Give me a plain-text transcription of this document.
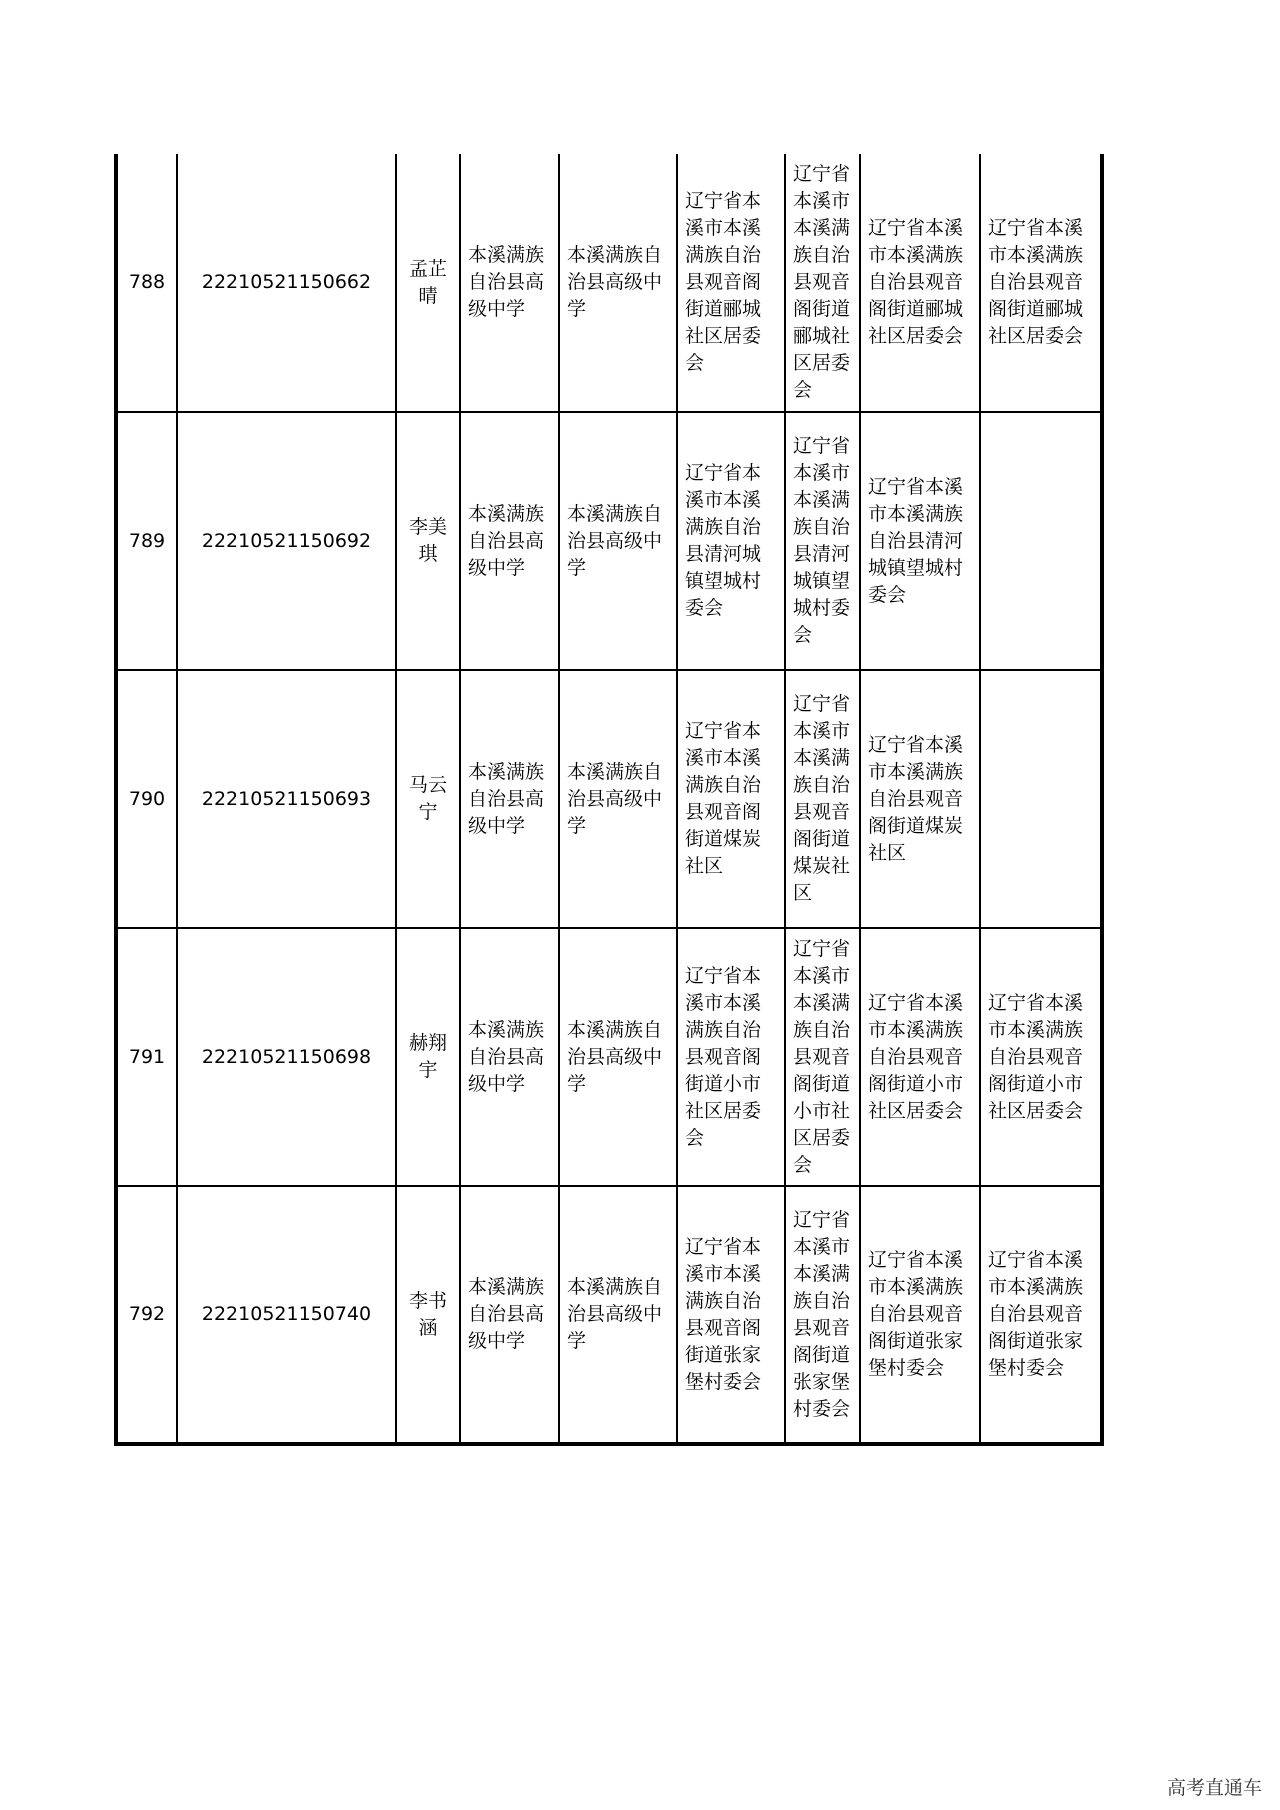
788	22210521150662	孟芷晴	本溪满族自治县高级中学	本溪满族自治县高级中学	辽宁省本溪市本溪满族自治县观音阁街道郦城社区居委会	辽宁省本溪市本溪满族自治县观音阁街道郦城社区居委会	辽宁省本溪市本溪满族自治县观音阁街道郦城社区居委会	辽宁省本溪市本溪满族自治县观音阁街道郦城社区居委会
789	22210521150692	李美琪	本溪满族自治县高级中学	本溪满族自治县高级中学	辽宁省本溪市本溪满族自治县清河城镇望城村委会	辽宁省本溪市本溪满族自治县清河城镇望城村委会	辽宁省本溪市本溪满族自治县清河城镇望城村委会	
790	22210521150693	马云宁	本溪满族自治县高级中学	本溪满族自治县高级中学	辽宁省本溪市本溪满族自治县观音阁街道煤炭社区	辽宁省本溪市本溪满族自治县观音阁街道煤炭社区	辽宁省本溪市本溪满族自治县观音阁街道煤炭社区	
791	22210521150698	赫翔宇	本溪满族自治县高级中学	本溪满族自治县高级中学	辽宁省本溪市本溪满族自治县观音阁街道小市社区居委会	辽宁省本溪市本溪满族自治县观音阁街道小市社区居委会	辽宁省本溪市本溪满族自治县观音阁街道小市社区居委会	辽宁省本溪市本溪满族自治县观音阁街道小市社区居委会
792	22210521150740	李书涵	本溪满族自治县高级中学	本溪满族自治县高级中学	辽宁省本溪市本溪满族自治县观音阁街道张家堡村委会	辽宁省本溪市本溪满族自治县观音阁街道张家堡村委会	辽宁省本溪市本溪满族自治县观音阁街道张家堡村委会	辽宁省本溪市本溪满族自治县观音阁街道张家堡村委会
高考直通车
